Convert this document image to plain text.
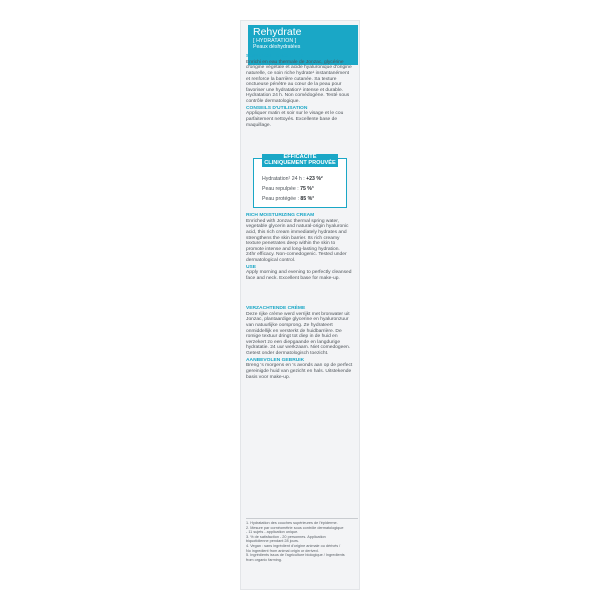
Rehydrate
[ HYDRATATION ]
Peaux déshydratées
SOIN RICHE ONCTUEUX
Enrichi en eau thermale de Jonzac, glycérine
d'origine végétale et acide hyaluronique d'origine
naturelle, ce soin riche hydrate¹ instantanément
et renforce la barrière cutanée. Sa texture
onctueuse pénètre au cœur de la peau pour
favoriser une hydratation¹ intense et durable.
Hydratation 24 h. Non comédogène. Testé sous
contrôle dermatologique.
CONSEILS D'UTILISATION
Appliquer matin et soir sur le visage et le cou
parfaitement nettoyés. Excellente base de
maquillage.
EFFICACITÉ
CLINIQUEMENT PROUVÉE
Hydratation¹ 24 h : +23 %²
Peau repulpée : 75 %³
Peau protégée : 85 %³
RICH MOISTURIZING CREAM
Enriched with Jonzac thermal spring water,
vegetable glycerin and natural-origin hyaluronic
acid, this rich cream immediately hydrates and
strengthens the skin barrier. Its rich creamy
texture penetrates deep within the skin to
promote intense and long-lasting hydration.
24hr efficacy. Non-comedogenic. Tested under
dermatological control.
USE
Apply morning and evening to perfectly cleansed
face and neck. Excellent base for make-up.
VERZACHTENDE CRÈME
Deze rijke crème werd verrijkt met bronwater uit
Jonzac, plantaardige glycerine en hyaluronzuur
van natuurlijke oorsprong. Ze hydrateert
onmiddellijk en versterkt de huidbarrière. De
romige textuur dringt tot diep in de huid en
verzekert zo een diepgaande en langdurige
hydratatie. 24 uur werkzaam. Niet comedogeen.
Getest onder dermatologisch toezicht.
AANBEVOLEN GEBRUIK
Breng 's morgens en 's avonds aan op de perfect
gereinigde huid van gezicht en hals. Uitstekende
basis voor make-up.
1. Hydratation des couches supérieures de l'épiderme.
2. Mesure par cornéométrie sous contrôle dermatologique
- 11 sujets - application unique.
3. % de satisfaction - 20 personnes. Application
biquotidienne pendant 28 jours.
4. Vegan : sans ingrédient d'origine animale ou dérivés /
No ingredient from animal origin or derived.
5. Ingrédients issus de l'agriculture biologique / Ingredients
from organic farming.
